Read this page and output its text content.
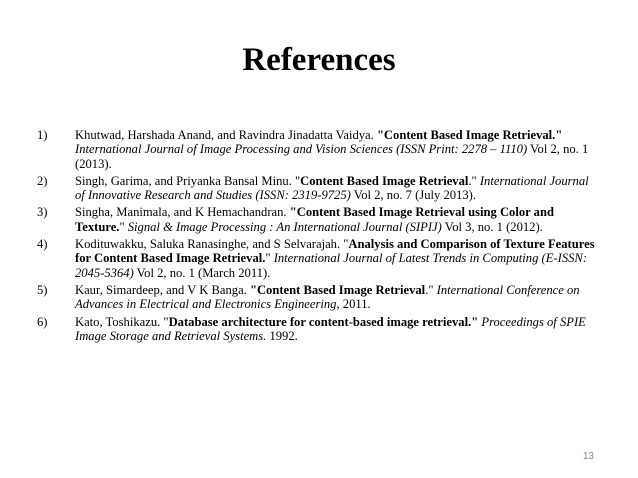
References
1) Khutwad, Harshada Anand, and Ravindra Jinadatta Vaidya. "Content Based Image Retrieval." International Journal of Image Processing and Vision Sciences (ISSN Print: 2278 – 1110) Vol 2, no. 1 (2013).
2) Singh, Garima, and Priyanka Bansal Minu. "Content Based Image Retrieval." International Journal of Innovative Research and Studies (ISSN: 2319-9725) Vol 2, no. 7 (July 2013).
3) Singha, Manimala, and K Hemachandran. "Content Based Image Retrieval using Color and Texture." Signal & Image Processing : An International Journal (SIPIJ) Vol 3, no. 1 (2012).
4) Kodituwakku, Saluka Ranasinghe, and S Selvarajah. "Analysis and Comparison of Texture Features for Content Based Image Retrieval." International Journal of Latest Trends in Computing (E-ISSN: 2045-5364) Vol 2, no. 1 (March 2011).
5) Kaur, Simardeep, and V K Banga. "Content Based Image Retrieval." International Conference on Advances in Electrical and Electronics Engineering, 2011.
6) Kato, Toshikazu. "Database architecture for content-based image retrieval." Proceedings of SPIE Image Storage and Retrieval Systems. 1992.
13
